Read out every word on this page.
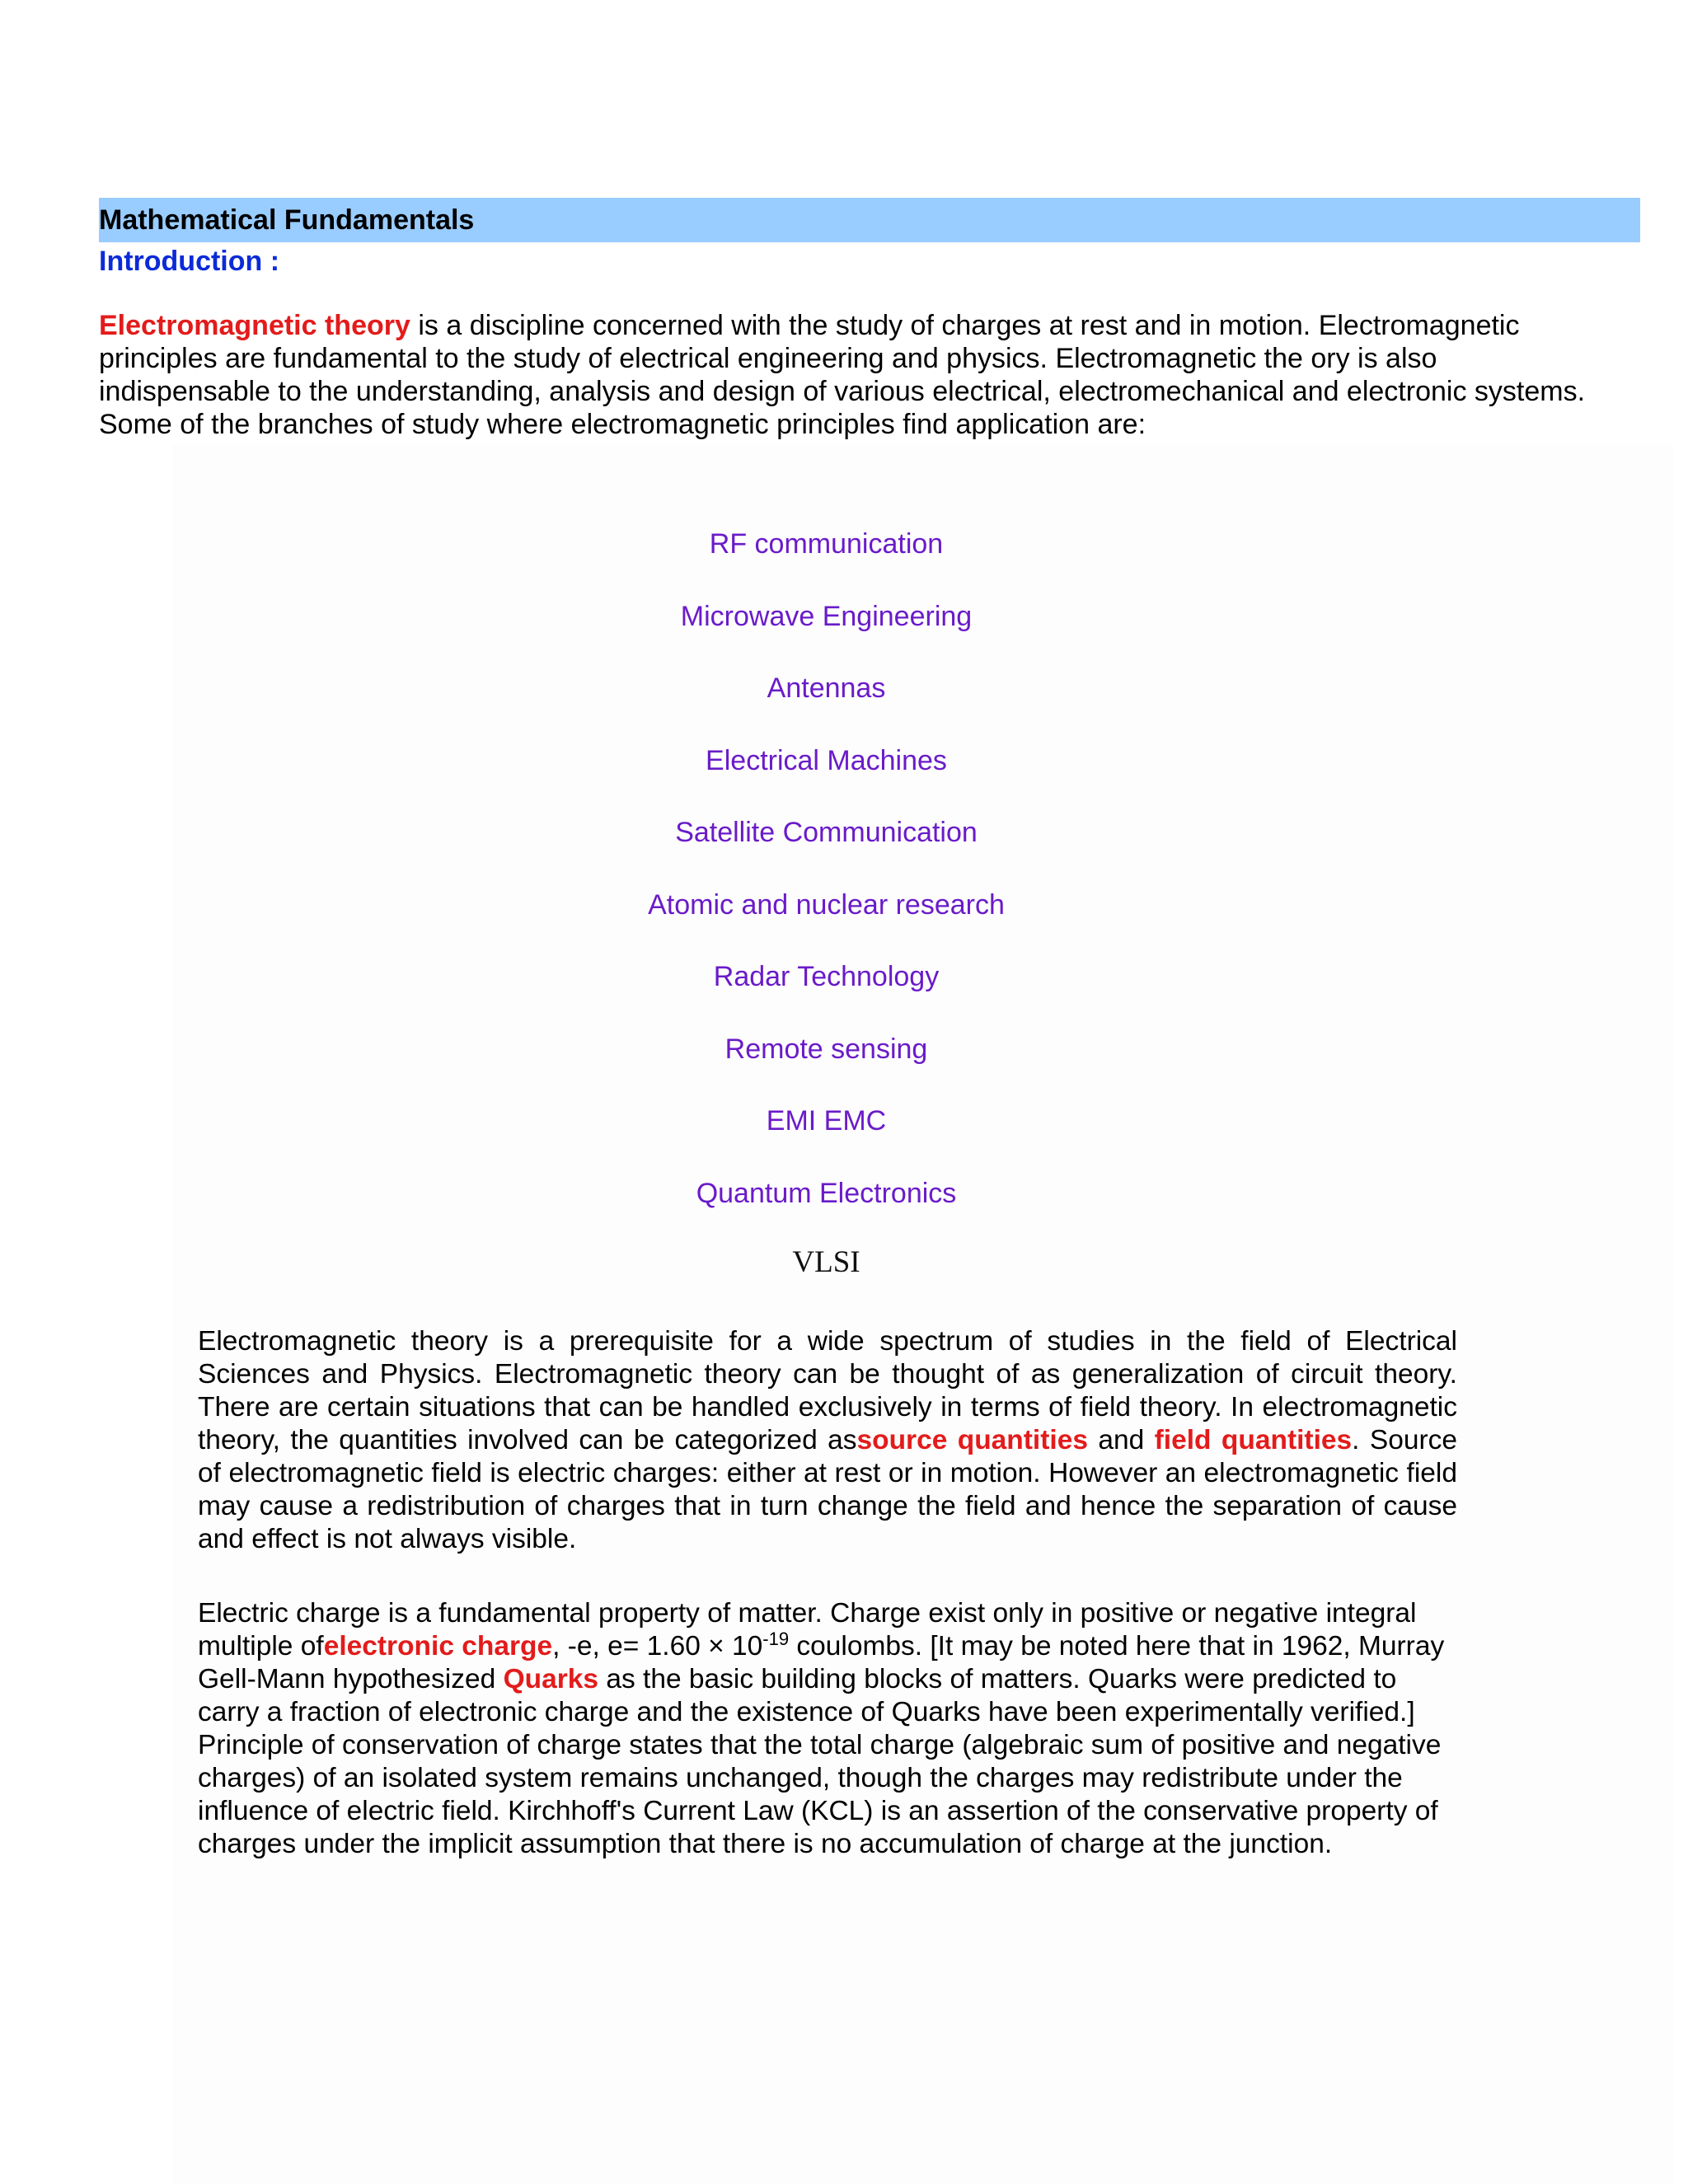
Mathematical Fundamentals
Introduction :

Electromagnetic theory is a discipline concerned with the study of charges at rest and in motion. Electromagnetic principles are fundamental to the study of electrical engineering and physics. Electromagnetic the ory is also indispensable to the understanding, analysis and design of various electrical, electromechanical and electronic systems. Some of the branches of study where electromagnetic principles find application are:

RF communication
Microwave Engineering
Antennas
Electrical Machines
Satellite Communication
Atomic and nuclear research
Radar Technology
Remote sensing
EMI EMC
Quantum Electronics
VLSI

Electromagnetic theory is a prerequisite for a wide spectrum of studies in the field of Electrical Sciences and Physics. Electromagnetic theory can be thought of as generalization of circuit theory. There are certain situations that can be handled exclusively in terms of field theory. In electromagnetic theory, the quantities involved can be categorized assource quantities and field quantities. Source of electromagnetic field is electric charges: either at rest or in motion. However an electromagnetic field may cause a redistribution of charges that in turn change the field and hence the separation of cause and effect is not always visible.

Electric charge is a fundamental property of matter. Charge exist only in positive or negative integral multiple ofelectronic charge, -e, $e= 1.60 \times 10^{-19}$ coulombs. [It may be noted here that in 1962, Murray Gell-Mann hypothesized Quarks as the basic building blocks of matters. Quarks were predicted to carry a fraction of electronic charge and the existence of Quarks have been experimentally verified.] Principle of conservation of charge states that the total charge (algebraic sum of positive and negative charges) of an isolated system remains unchanged, though the charges may redistribute under the influence of electric field. Kirchhoff's Current Law (KCL) is an assertion of the conservative property of charges under the implicit assumption that there is no accumulation of charge at the junction.
